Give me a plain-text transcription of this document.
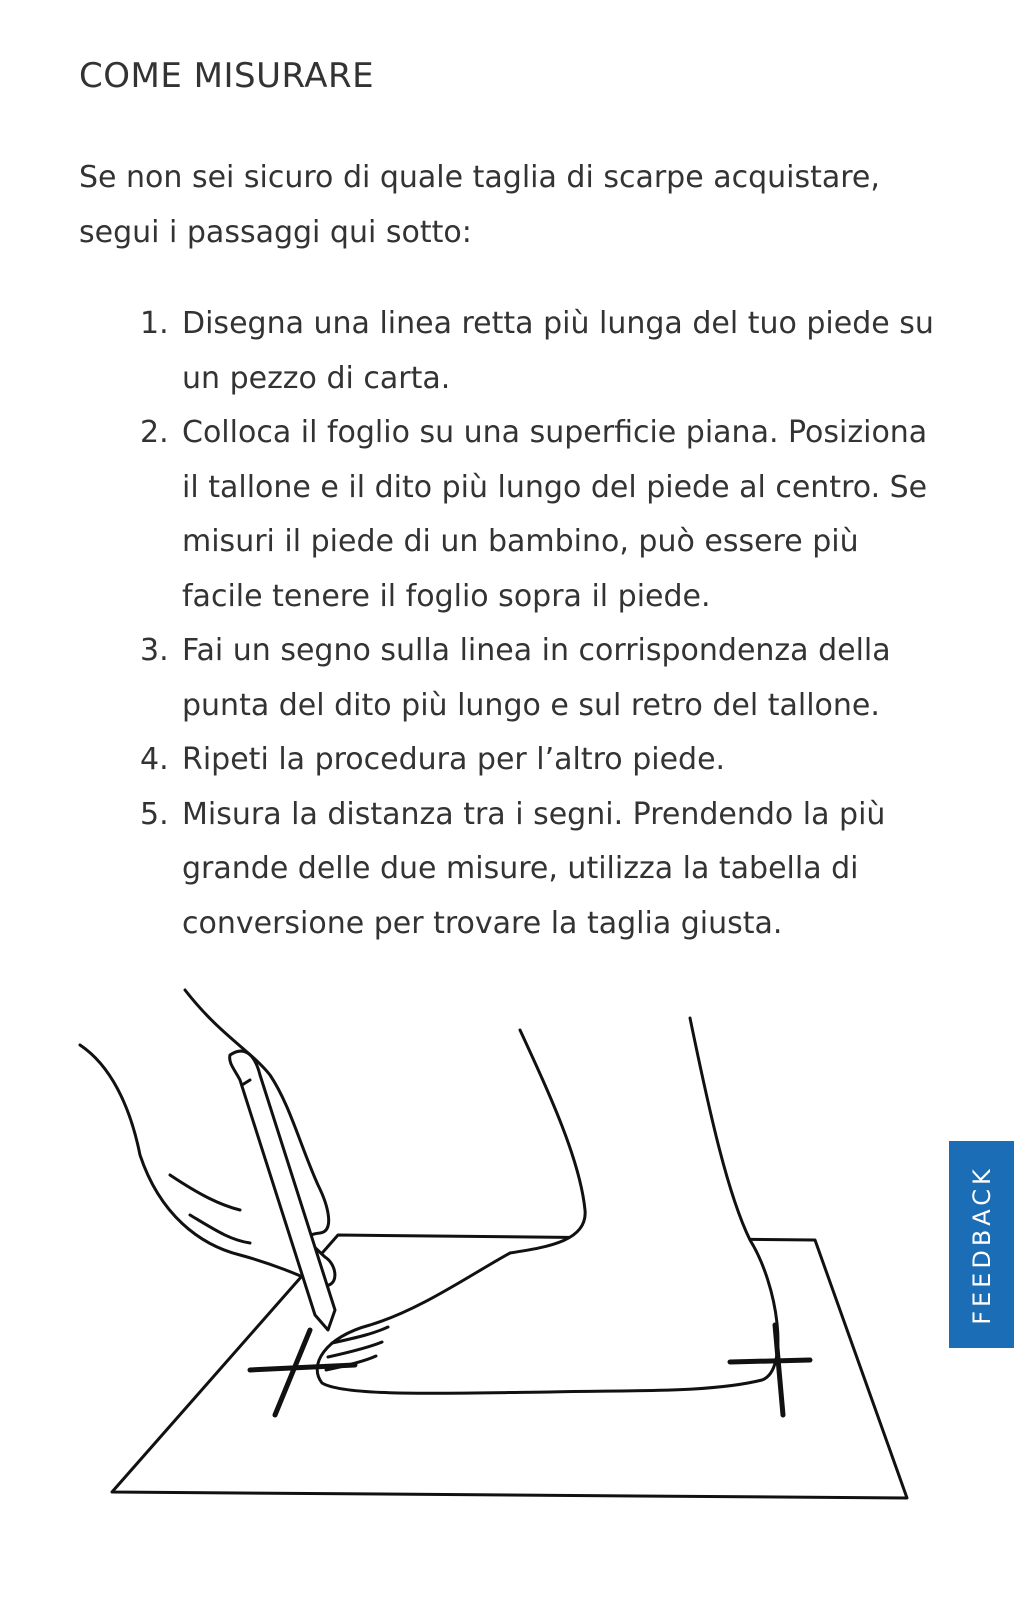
COME MISURARE

Se non sei sicuro di quale taglia di scarpe acquistare, segui i passaggi qui sotto:

1. Disegna una linea retta più lunga del tuo piede su un pezzo di carta.
2. Colloca il foglio su una superficie piana. Posiziona il tallone e il dito più lungo del piede al centro. Se misuri il piede di un bambino, può essere più facile tenere il foglio sopra il piede.
3. Fai un segno sulla linea in corrispondenza della punta del dito più lungo e sul retro del tallone.
4. Ripeti la procedura per l’altro piede.
5. Misura la distanza tra i segni. Prendendo la più grande delle due misure, utilizza la tabella di conversione per trovare la taglia giusta.
FEEDBACK
